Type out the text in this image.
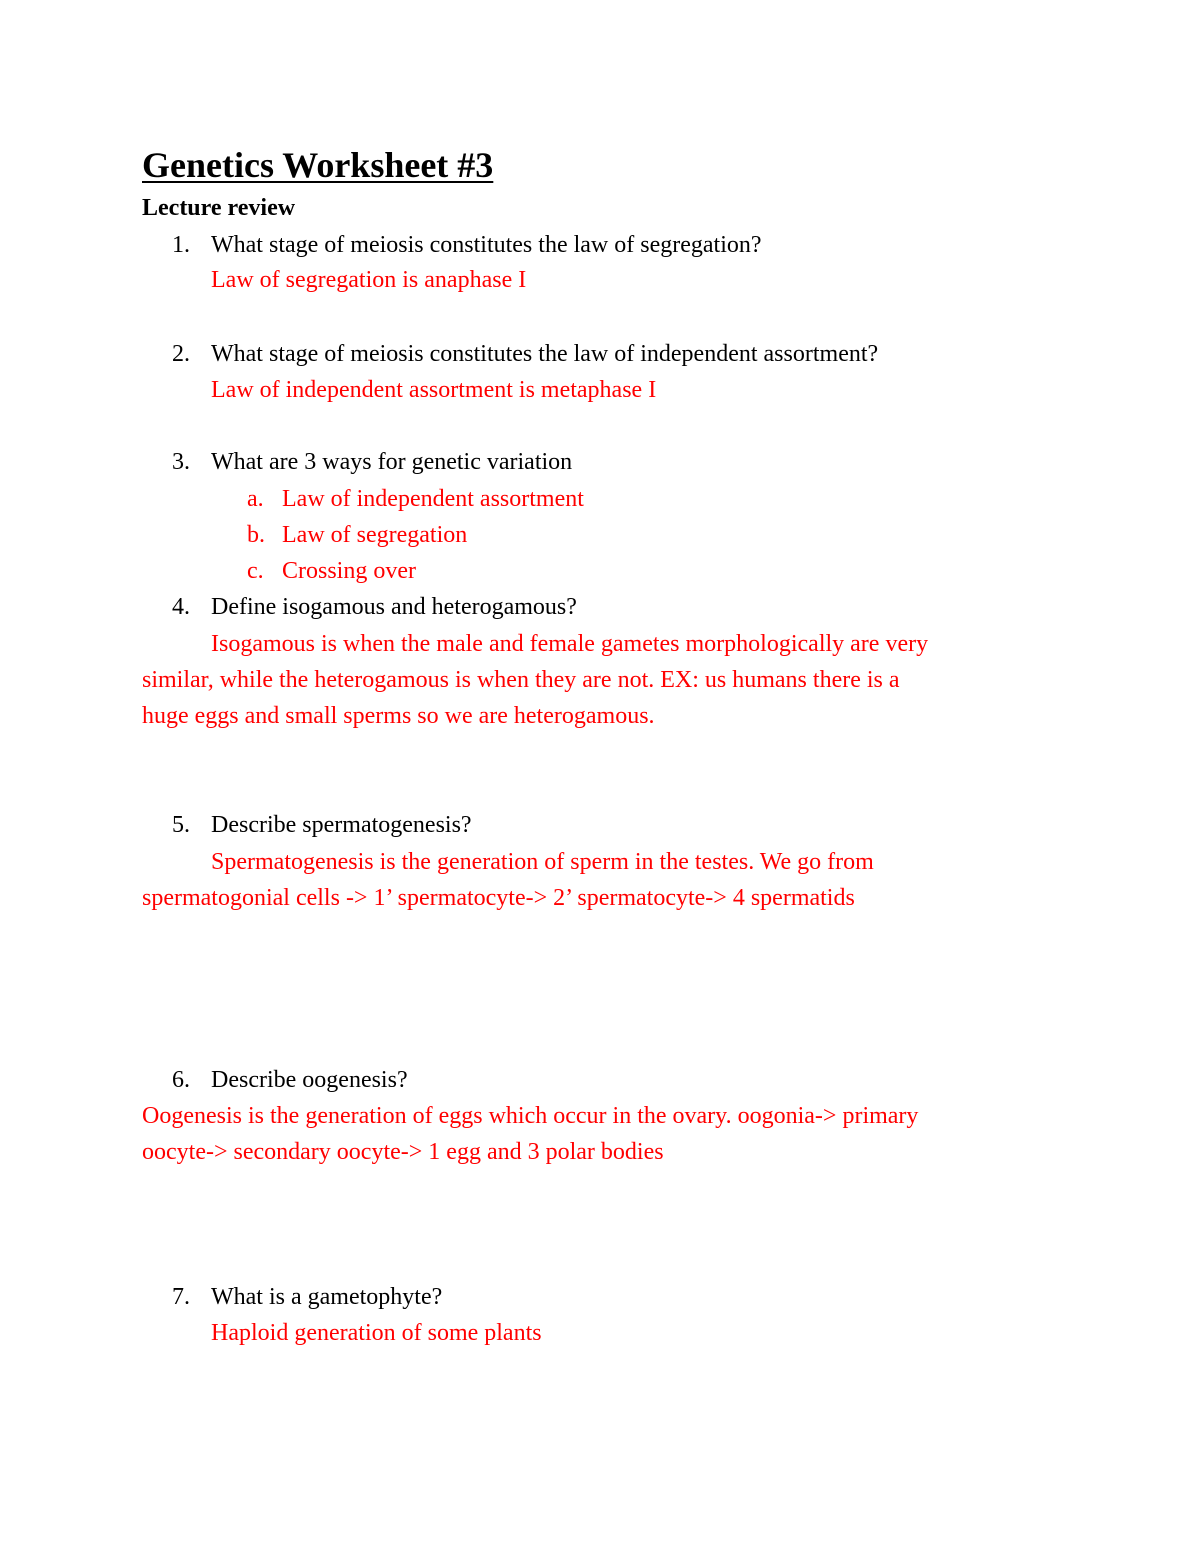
Genetics Worksheet #3
Lecture review
1. What stage of meiosis constitutes the law of segregation?
Law of segregation is anaphase I
2. What stage of meiosis constitutes the law of independent assortment?
Law of independent assortment is metaphase I
3. What are 3 ways for genetic variation
a. Law of independent assortment
b. Law of segregation
c. Crossing over
4. Define isogamous and heterogamous?
Isogamous is when the male and female gametes morphologically are very
similar, while the heterogamous is when they are not. EX: us humans there is a
huge eggs and small sperms so we are heterogamous.
5. Describe spermatogenesis?
Spermatogenesis is the generation of sperm in the testes. We go from
spermatogonial cells -> 1’ spermatocyte-> 2’ spermatocyte-> 4 spermatids
6. Describe oogenesis?
Oogenesis is the generation of eggs which occur in the ovary. oogonia-> primary
oocyte-> secondary oocyte-> 1 egg and 3 polar bodies
7. What is a gametophyte?
Haploid generation of some plants
